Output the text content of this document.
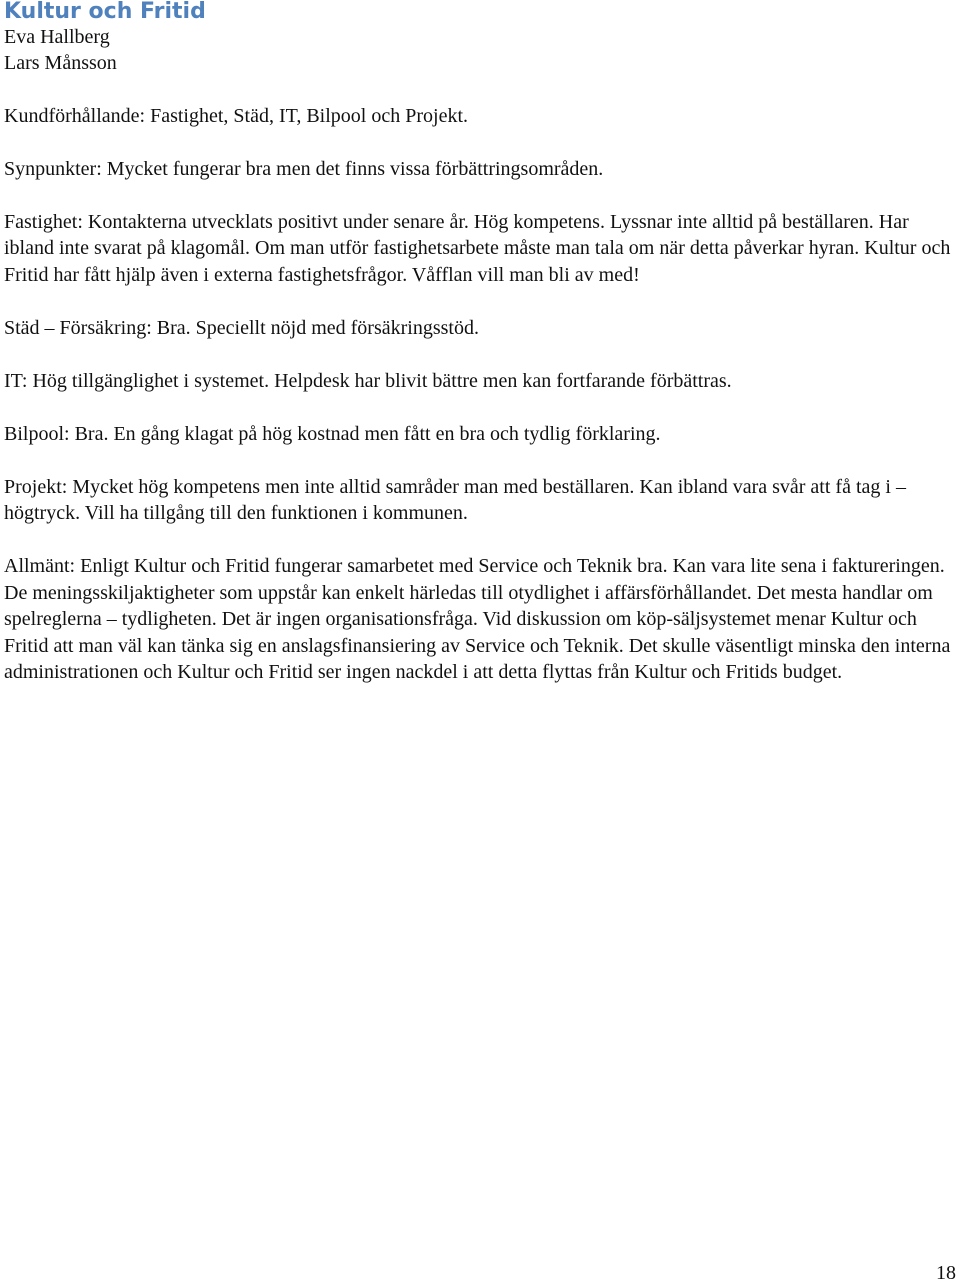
Kultur och Fritid

Eva Hallberg

Lars Månsson

Kundförhållande: Fastighet, Städ, IT, Bilpool och Projekt.

Synpunkter: Mycket fungerar bra men det finns vissa förbättringsområden.

Fastighet: Kontakterna utvecklats positivt under senare år. Hög kompetens. Lyssnar inte alltid på beställaren. Har ibland inte svarat på klagomål. Om man utför fastighetsarbete måste man tala om när detta påverkar hyran. Kultur och Fritid har fått hjälp även i externa fastighetsfrågor. Våfflan vill man bli av med!

Städ – Försäkring: Bra. Speciellt nöjd med försäkringsstöd.

IT: Hög tillgänglighet i systemet. Helpdesk har blivit bättre men kan fortfarande förbättras.

Bilpool: Bra. En gång klagat på hög kostnad men fått en bra och tydlig förklaring.

Projekt: Mycket hög kompetens men inte alltid samråder man med beställaren. Kan ibland vara svår att få tag i – högtryck. Vill ha tillgång till den funktionen i kommunen.

Allmänt: Enligt Kultur och Fritid fungerar samarbetet med Service och Teknik bra. Kan vara lite sena i faktureringen. De meningsskiljaktigheter som uppstår kan enkelt härledas till otydlighet i affärsförhållandet. Det mesta handlar om spelreglerna – tydligheten. Det är ingen organisationsfråga. Vid diskussion om köp-säljsystemet menar Kultur och Fritid att man väl kan tänka sig en anslagsfinansiering av Service och Teknik. Det skulle väsentligt minska den interna administrationen och Kultur och Fritid ser ingen nackdel i att detta flyttas från Kultur och Fritids budget.

18
